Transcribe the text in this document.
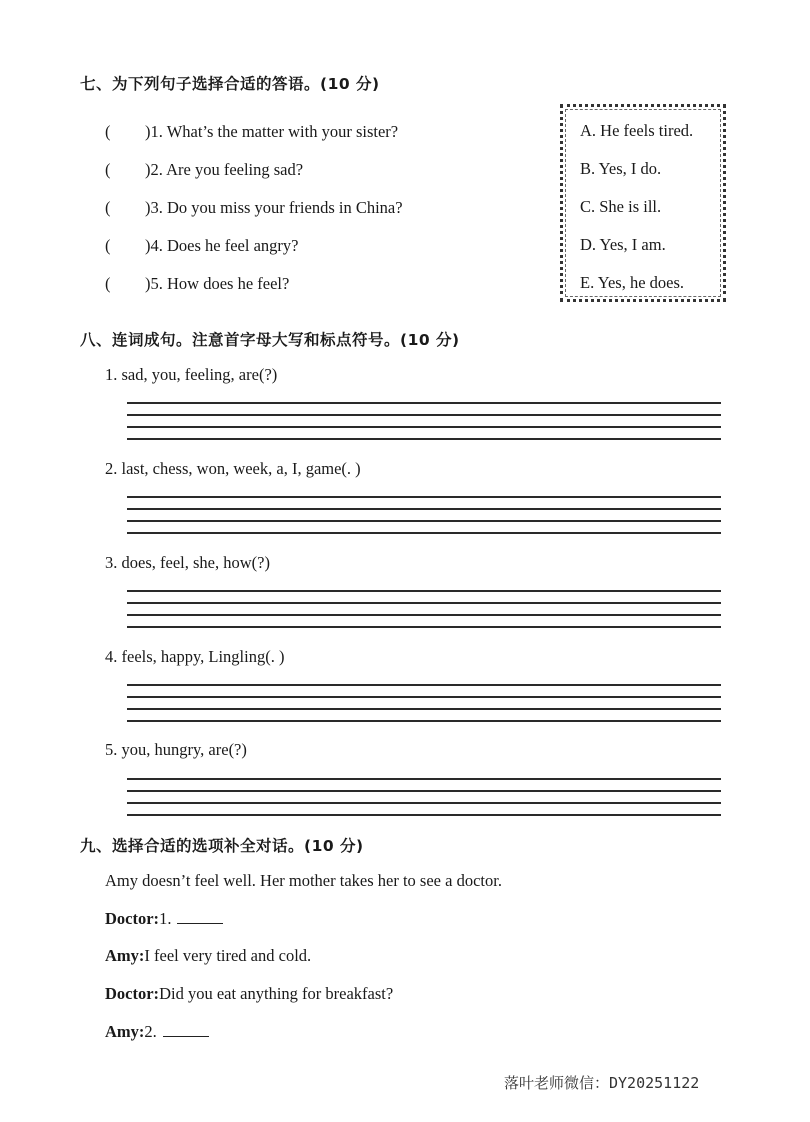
七、为下列句子选择合适的答语。(10 分)
( )1. What’s the matter with your sister?
( )2. Are you feeling sad?
( )3. Do you miss your friends in China?
( )4. Does he feel angry?
( )5. How does he feel?
A. He feels tired.
B. Yes, I do.
C. She is ill.
D. Yes, I am.
E. Yes, he does.
八、连词成句。注意首字母大写和标点符号。(10 分)
1. sad, you, feeling, are(?)
2. last, chess, won, week, a, I, game(. )
3. does, feel, she, how(?)
4. feels, happy, Lingling(. )
5. you, hungry, are(?)
九、选择合适的选项补全对话。(10 分)
Amy doesn’t feel well. Her mother takes her to see a doctor.
Doctor:1.
Amy:I feel very tired and cold.
Doctor:Did you eat anything for breakfast?
Amy:2.
落叶老师微信：DY20251122
